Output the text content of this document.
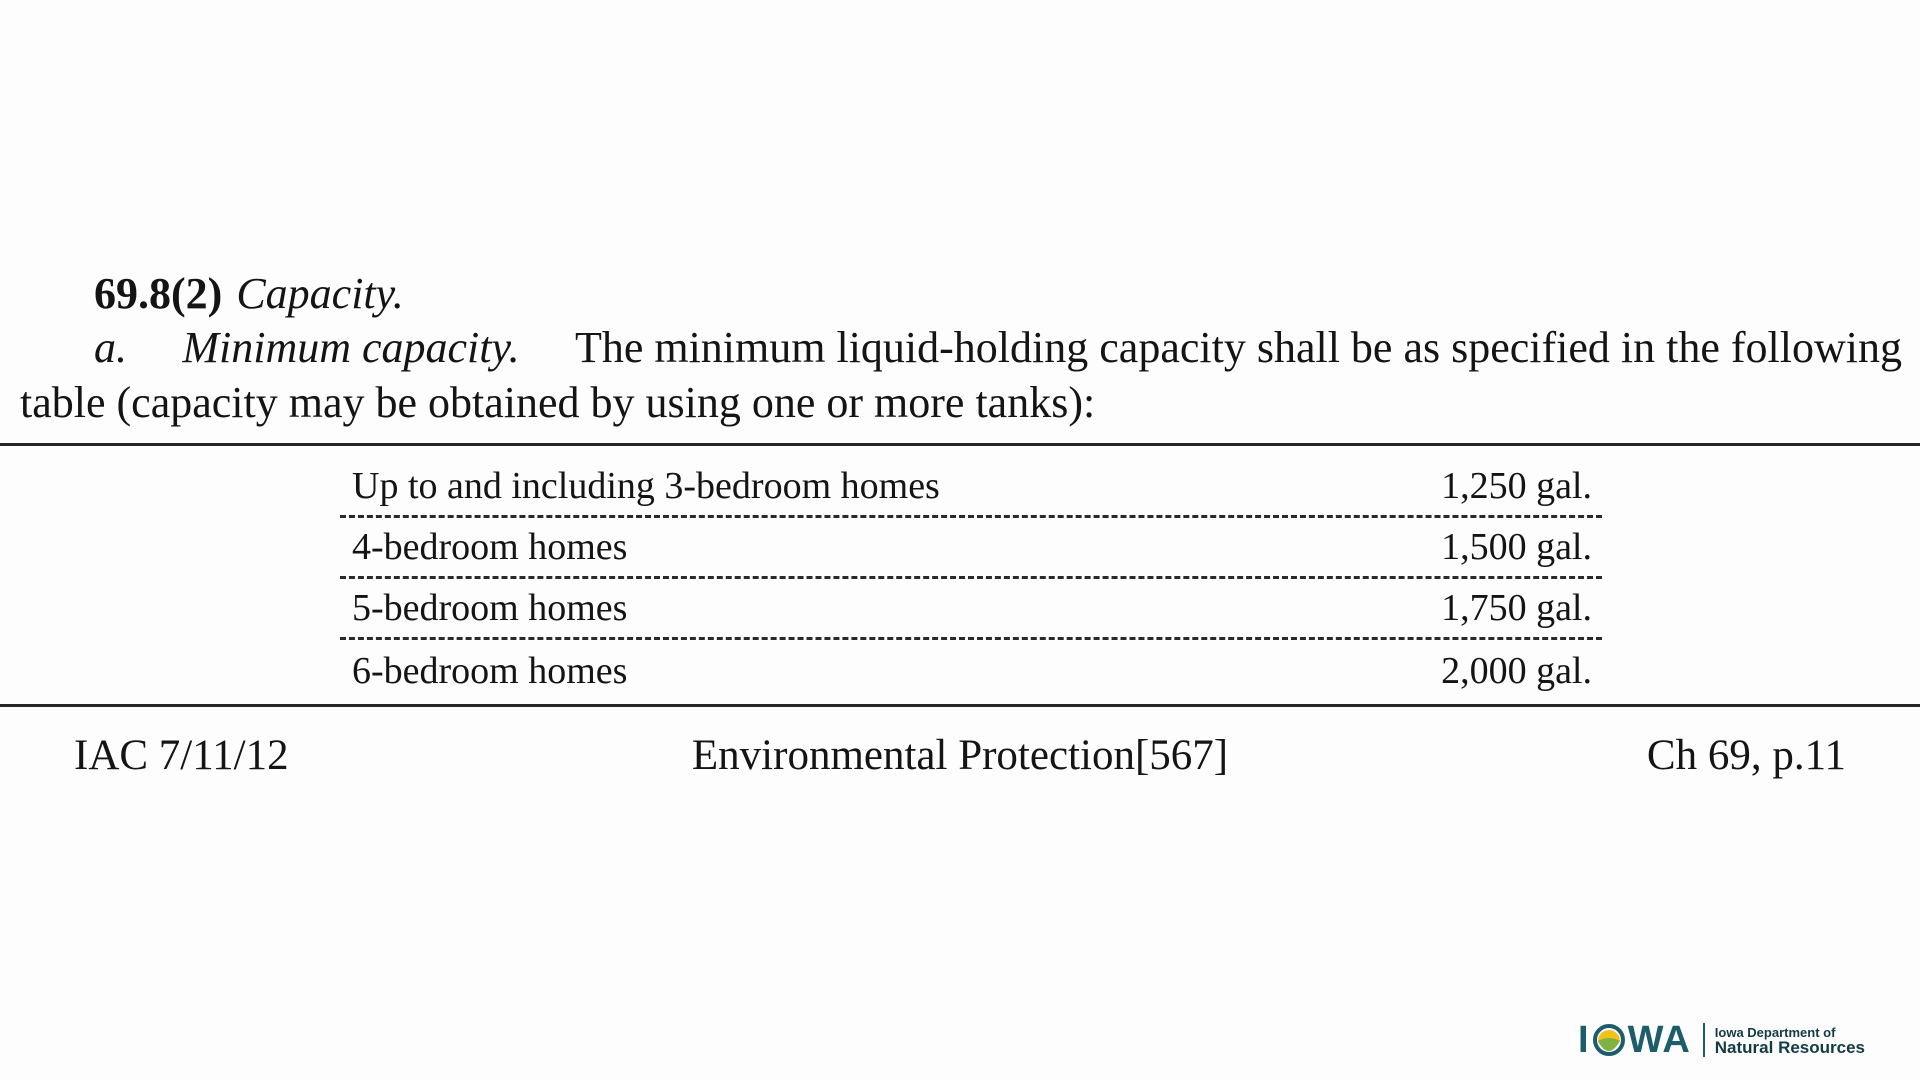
69.8(2) Capacity.
a. Minimum capacity. The minimum liquid-holding capacity shall be as specified in the following
table (capacity may be obtained by using one or more tanks):
Up to and including 3-bedroom homes	1,250 gal.
4-bedroom homes	1,500 gal.
5-bedroom homes	1,750 gal.
6-bedroom homes	2,000 gal.
IAC 7/11/12	Environmental Protection[567]	Ch 69, p.11
I WA Iowa Department of
Natural Resources
